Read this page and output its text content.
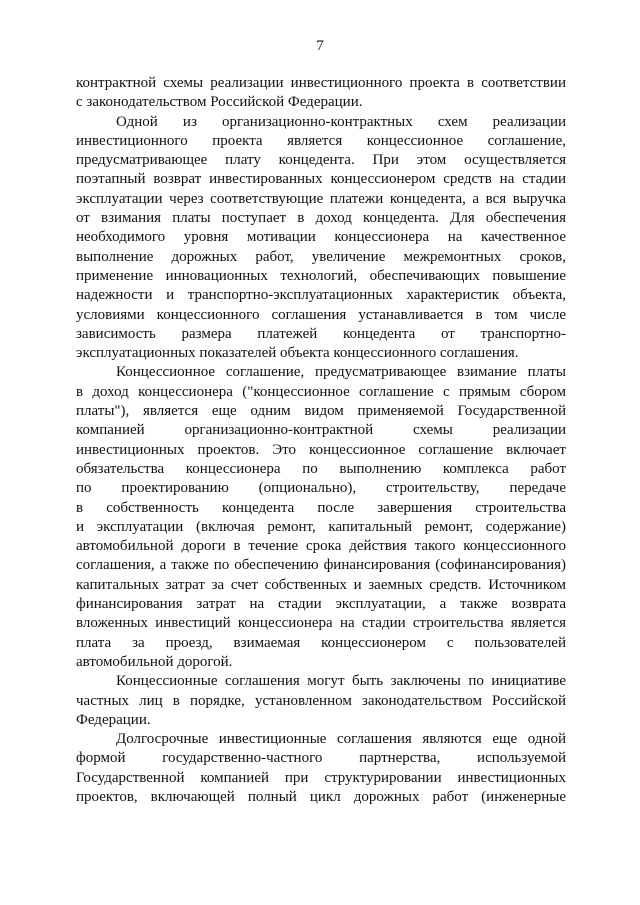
7

контрактной схемы реализации инвестиционного проекта в соответствии
с законодательством Российской Федерации.

Одной из организационно-контрактных схем реализации
инвестиционного проекта является концессионное соглашение,
предусматривающее плату концедента. При этом осуществляется
поэтапный возврат инвестированных концессионером средств на стадии
эксплуатации через соответствующие платежи концедента, а вся выручка
от взимания платы поступает в доход концедента. Для обеспечения
необходимого уровня мотивации концессионера на качественное
выполнение дорожных работ, увеличение межремонтных сроков,
применение инновационных технологий, обеспечивающих повышение
надежности и транспортно-эксплуатационных характеристик объекта,
условиями концессионного соглашения устанавливается в том числе
зависимость размера платежей концедента от транспортно-
эксплуатационных показателей объекта концессионного соглашения.

Концессионное соглашение, предусматривающее взимание платы
в доход концессионера ("концессионное соглашение с прямым сбором
платы"), является еще одним видом применяемой Государственной
компанией организационно-контрактной схемы реализации
инвестиционных проектов. Это концессионное соглашение включает
обязательства концессионера по выполнению комплекса работ
по проектированию (опционально), строительству, передаче
в собственность концедента после завершения строительства
и эксплуатации (включая ремонт, капитальный ремонт, содержание)
автомобильной дороги в течение срока действия такого концессионного
соглашения, а также по обеспечению финансирования (софинансирования)
капитальных затрат за счет собственных и заемных средств. Источником
финансирования затрат на стадии эксплуатации, а также возврата
вложенных инвестиций концессионера на стадии строительства является
плата за проезд, взимаемая концессионером с пользователей
автомобильной дорогой.

Концессионные соглашения могут быть заключены по инициативе
частных лиц в порядке, установленном законодательством Российской
Федерации.

Долгосрочные инвестиционные соглашения являются еще одной
формой государственно-частного партнерства, используемой
Государственной компанией при структурировании инвестиционных
проектов, включающей полный цикл дорожных работ (инженерные
